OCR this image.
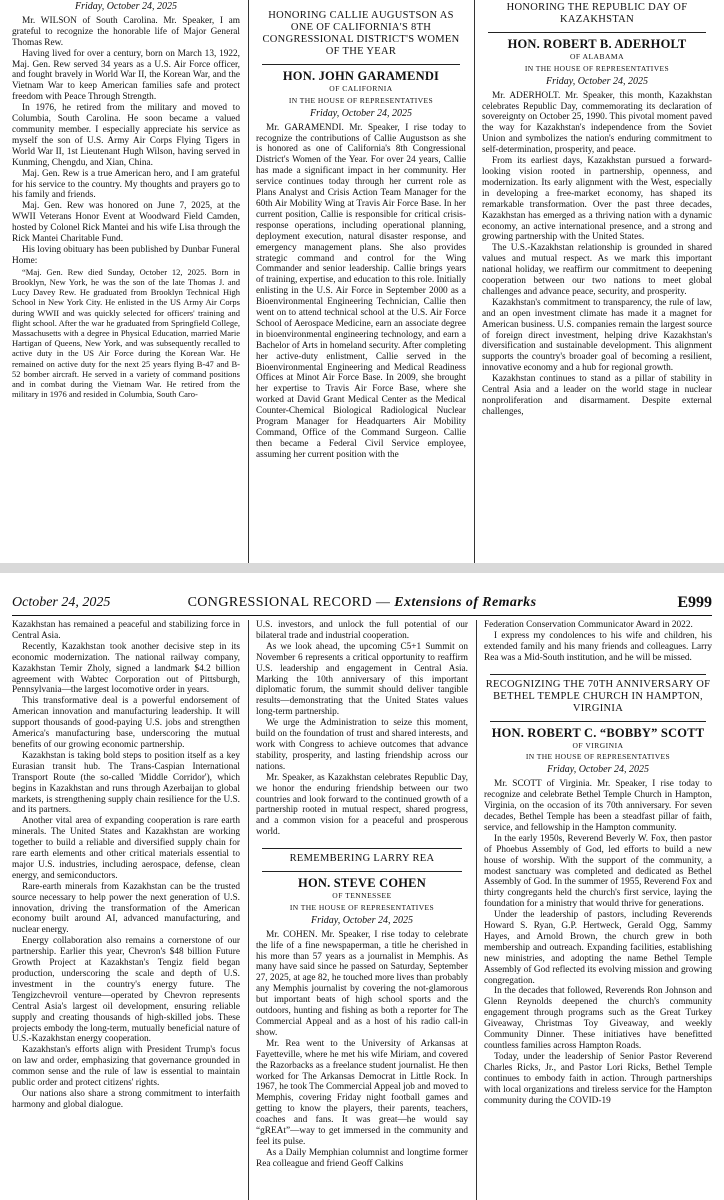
Friday, October 24, 2025

Mr. WILSON of South Carolina. Mr. Speaker, I am grateful to recognize the honorable life of Major General Thomas Rew.

Having lived for over a century, born on March 13, 1922, Maj. Gen. Rew served 34 years as a U.S. Air Force officer, and fought bravely in World War II, the Korean War, and the Vietnam War to keep American families safe and protect freedom with Peace Through Strength.

In 1976, he retired from the military and moved to Columbia, South Carolina. He soon became a valued community member. I especially appreciate his service as myself the son of U.S. Army Air Corps Flying Tigers in World War II, 1st Lieutenant Hugh Wilson, having served in Kunming, Chengdu, and Xian, China.

Maj. Gen. Rew is a true American hero, and I am grateful for his service to the country. My thoughts and prayers go to his family and friends.

Maj. Gen. Rew was honored on June 7, 2025, at the WWII Veterans Honor Event at Woodward Field Camden, hosted by Colonel Rick Mantei and his wife Lisa through the Rick Mantei Charitable Fund.

His loving obituary has been published by Dunbar Funeral Home:

“Maj. Gen. Rew died Sunday, October 12, 2025. Born in Brooklyn, New York, he was the son of the late Thomas J. and Lucy Davey Rew. He graduated from Brooklyn Technical High School in New York City. He enlisted in the US Army Air Corps during WWII and was quickly selected for officers' training and flight school. After the war he graduated from Springfield College, Massachusetts with a degree in Physical Education, married Marie Hartigan of Queens, New York, and was subsequently recalled to active duty in the US Air Force during the Korean War. He remained on active duty for the next 25 years flying B-47 and B-52 bomber aircraft. He served in a variety of command positions and in combat during the Vietnam War. He retired from the military in 1976 and resided in Columbia, South Caro-

HONORING CALLIE AUGUSTSON AS ONE OF CALIFORNIA'S 8TH CONGRESSIONAL DISTRICT'S WOMEN OF THE YEAR
HON. JOHN GARAMENDI
OF CALIFORNIA
IN THE HOUSE OF REPRESENTATIVES
Friday, October 24, 2025

Mr. GARAMENDI. Mr. Speaker, I rise today to recognize the contributions of Callie Augustson as she is honored as one of California's 8th Congressional District's Women of the Year. For over 24 years, Callie has made a significant impact in her community. Her service continues today through her current role as Plans Analyst and Crisis Action Team Manager for the 60th Air Mobility Wing at Travis Air Force Base. In her current position, Callie is responsible for critical crisis-response operations, including operational planning, deployment execution, natural disaster response, and emergency management plans. She also provides strategic command and control for the Wing Commander and senior leadership. Callie brings years of training, expertise, and education to this role. Initially enlisting in the U.S. Air Force in September 2000 as a Bioenvironmental Engineering Technician, Callie then went on to attend technical school at the U.S. Air Force School of Aerospace Medicine, earn an associate degree in bioenvironmental engineering technology, and earn a Bachelor of Arts in homeland security. After completing her active-duty enlistment, Callie served in the Bioenvironmental Engineering and Medical Readiness Offices at Minot Air Force Base. In 2009, she brought her expertise to Travis Air Force Base, where she worked at David Grant Medical Center as the Medical Counter-Chemical Biological Radiological Nuclear Program Manager for Headquarters Air Mobility Command, Office of the Command Surgeon. Callie then became a Federal Civil Service employee, assuming her current position with the

HONORING THE REPUBLIC DAY OF KAZAKHSTAN
HON. ROBERT B. ADERHOLT
OF ALABAMA
IN THE HOUSE OF REPRESENTATIVES
Friday, October 24, 2025

Mr. ADERHOLT. Mr. Speaker, this month, Kazakhstan celebrates Republic Day, commemorating its declaration of sovereignty on October 25, 1990. This pivotal moment paved the way for Kazakhstan's independence from the Soviet Union and symbolizes the nation's enduring commitment to self-determination, prosperity, and peace.

From its earliest days, Kazakhstan pursued a forward-looking vision rooted in partnership, openness, and modernization. Its early alignment with the West, especially in developing a free-market economy, has shaped its remarkable transformation. Over the past three decades, Kazakhstan has emerged as a thriving nation with a dynamic economy, an active international presence, and a strong and growing partnership with the United States.

The U.S.-Kazakhstan relationship is grounded in shared values and mutual respect. As we mark this important national holiday, we reaffirm our commitment to deepening cooperation between our two nations to meet global challenges and advance peace, security, and prosperity.

Kazakhstan's commitment to transparency, the rule of law, and an open investment climate has made it a magnet for American business. U.S. companies remain the largest source of foreign direct investment, helping drive Kazakhstan's diversification and sustainable development. This alignment supports the country's broader goal of becoming a resilient, innovative economy and a hub for regional growth.

Kazakhstan continues to stand as a pillar of stability in Central Asia and a leader on the world stage in nuclear nonproliferation and disarmament. Despite external challenges,

October 24, 2025	CONGRESSIONAL RECORD — Extensions of Remarks	E999

Kazakhstan has remained a peaceful and stabilizing force in Central Asia.

Recently, Kazakhstan took another decisive step in its economic modernization. The national railway company, Kazakhstan Temir Zholy, signed a landmark $4.2 billion agreement with Wabtec Corporation out of Pittsburgh, Pennsylvania—the largest locomotive order in years.

This transformative deal is a powerful endorsement of American innovation and manufacturing leadership. It will support thousands of good-paying U.S. jobs and strengthen America's manufacturing base, underscoring the mutual benefits of our growing economic partnership.

Kazakhstan is taking bold steps to position itself as a key Eurasian transit hub. The Trans-Caspian International Transport Route (the so-called 'Middle Corridor'), which begins in Kazakhstan and runs through Azerbaijan to global markets, is strengthening supply chain resilience for the U.S. and its partners.

Another vital area of expanding cooperation is rare earth minerals. The United States and Kazakhstan are working together to build a reliable and diversified supply chain for rare earth elements and other critical materials essential to major U.S. industries, including aerospace, defense, clean energy, and semiconductors.

Rare-earth minerals from Kazakhstan can be the trusted source necessary to help power the next generation of U.S. innovation, driving the transformation of the American economy built around AI, advanced manufacturing, and nuclear energy.

Energy collaboration also remains a cornerstone of our partnership. Earlier this year, Chevron's $48 billion Future Growth Project at Kazakhstan's Tengiz field began production, underscoring the scale and depth of U.S. investment in the country's energy future. The Tengizchevroil venture—operated by Chevron represents Central Asia's largest oil development, ensuring reliable supply and creating thousands of high-skilled jobs. These projects embody the long-term, mutually beneficial nature of U.S.-Kazakhstan energy cooperation.

Kazakhstan's efforts align with President Trump's focus on law and order, emphasizing that governance grounded in common sense and the rule of law is essential to maintain public order and protect citizens' rights.

Our nations also share a strong commitment to interfaith harmony and global dialogue.

U.S. investors, and unlock the full potential of our bilateral trade and industrial cooperation.

As we look ahead, the upcoming C5+1 Summit on November 6 represents a critical opportunity to reaffirm U.S. leadership and engagement in Central Asia. Marking the 10th anniversary of this important diplomatic forum, the summit should deliver tangible results—demonstrating that the United States values long-term partnership.

We urge the Administration to seize this moment, build on the foundation of trust and shared interests, and work with Congress to achieve outcomes that advance stability, prosperity, and lasting friendship across our nations.

Mr. Speaker, as Kazakhstan celebrates Republic Day, we honor the enduring friendship between our two countries and look forward to the continued growth of a partnership rooted in mutual respect, shared progress, and a common vision for a peaceful and prosperous world.

REMEMBERING LARRY REA
HON. STEVE COHEN
OF TENNESSEE
IN THE HOUSE OF REPRESENTATIVES
Friday, October 24, 2025

Mr. COHEN. Mr. Speaker, I rise today to celebrate the life of a fine newspaperman, a title he cherished in his more than 57 years as a journalist in Memphis. As many have said since he passed on Saturday, September 27, 2025, at age 82, he touched more lives than probably any Memphis journalist by covering the not-glamorous but important beats of high school sports and the outdoors, hunting and fishing as both a reporter for The Commercial Appeal and as a host of his radio call-in show.

Mr. Rea went to the University of Arkansas at Fayetteville, where he met his wife Miriam, and covered the Razorbacks as a freelance student journalist. He then worked for The Arkansas Democrat in Little Rock. In 1967, he took The Commercial Appeal job and moved to Memphis, covering Friday night football games and getting to know the players, their parents, teachers, coaches and fans. It was great—he would say “gREAt”—way to get immersed in the community and feel its pulse.

As a Daily Memphian columnist and longtime former Rea colleague and friend Geoff Calkins

Federation Conservation Communicator Award in 2022.

I express my condolences to his wife and children, his extended family and his many friends and colleagues. Larry Rea was a Mid-South institution, and he will be missed.

RECOGNIZING THE 70TH ANNIVERSARY OF BETHEL TEMPLE CHURCH IN HAMPTON, VIRGINIA
HON. ROBERT C. “BOBBY” SCOTT
OF VIRGINIA
IN THE HOUSE OF REPRESENTATIVES
Friday, October 24, 2025

Mr. SCOTT of Virginia. Mr. Speaker, I rise today to recognize and celebrate Bethel Temple Church in Hampton, Virginia, on the occasion of its 70th anniversary. For seven decades, Bethel Temple has been a steadfast pillar of faith, service, and fellowship in the Hampton community.

In the early 1950s, Reverend Beverly W. Fox, then pastor of Phoebus Assembly of God, led efforts to build a new house of worship. With the support of the community, a modest sanctuary was completed and dedicated as Bethel Assembly of God. In the summer of 1955, Reverend Fox and thirty congregants held the church's first service, laying the foundation for a ministry that would thrive for generations.

Under the leadership of pastors, including Reverends Howard S. Ryan, G.P. Hertweck, Gerald Ogg, Sammy Hayes, and Arnold Brown, the church grew in both membership and outreach. Expanding facilities, establishing new ministries, and adopting the name Bethel Temple Assembly of God reflected its evolving mission and growing congregation.

In the decades that followed, Reverends Ron Johnson and Glenn Reynolds deepened the church's community engagement through programs such as the Great Turkey Giveaway, Christmas Toy Giveaway, and weekly Community Dinner. These initiatives have benefitted countless families across Hampton Roads.

Today, under the leadership of Senior Pastor Reverend Charles Ricks, Jr., and Pastor Lori Ricks, Bethel Temple continues to embody faith in action. Through partnerships with local organizations and tireless service for the Hampton community during the COVID-19
